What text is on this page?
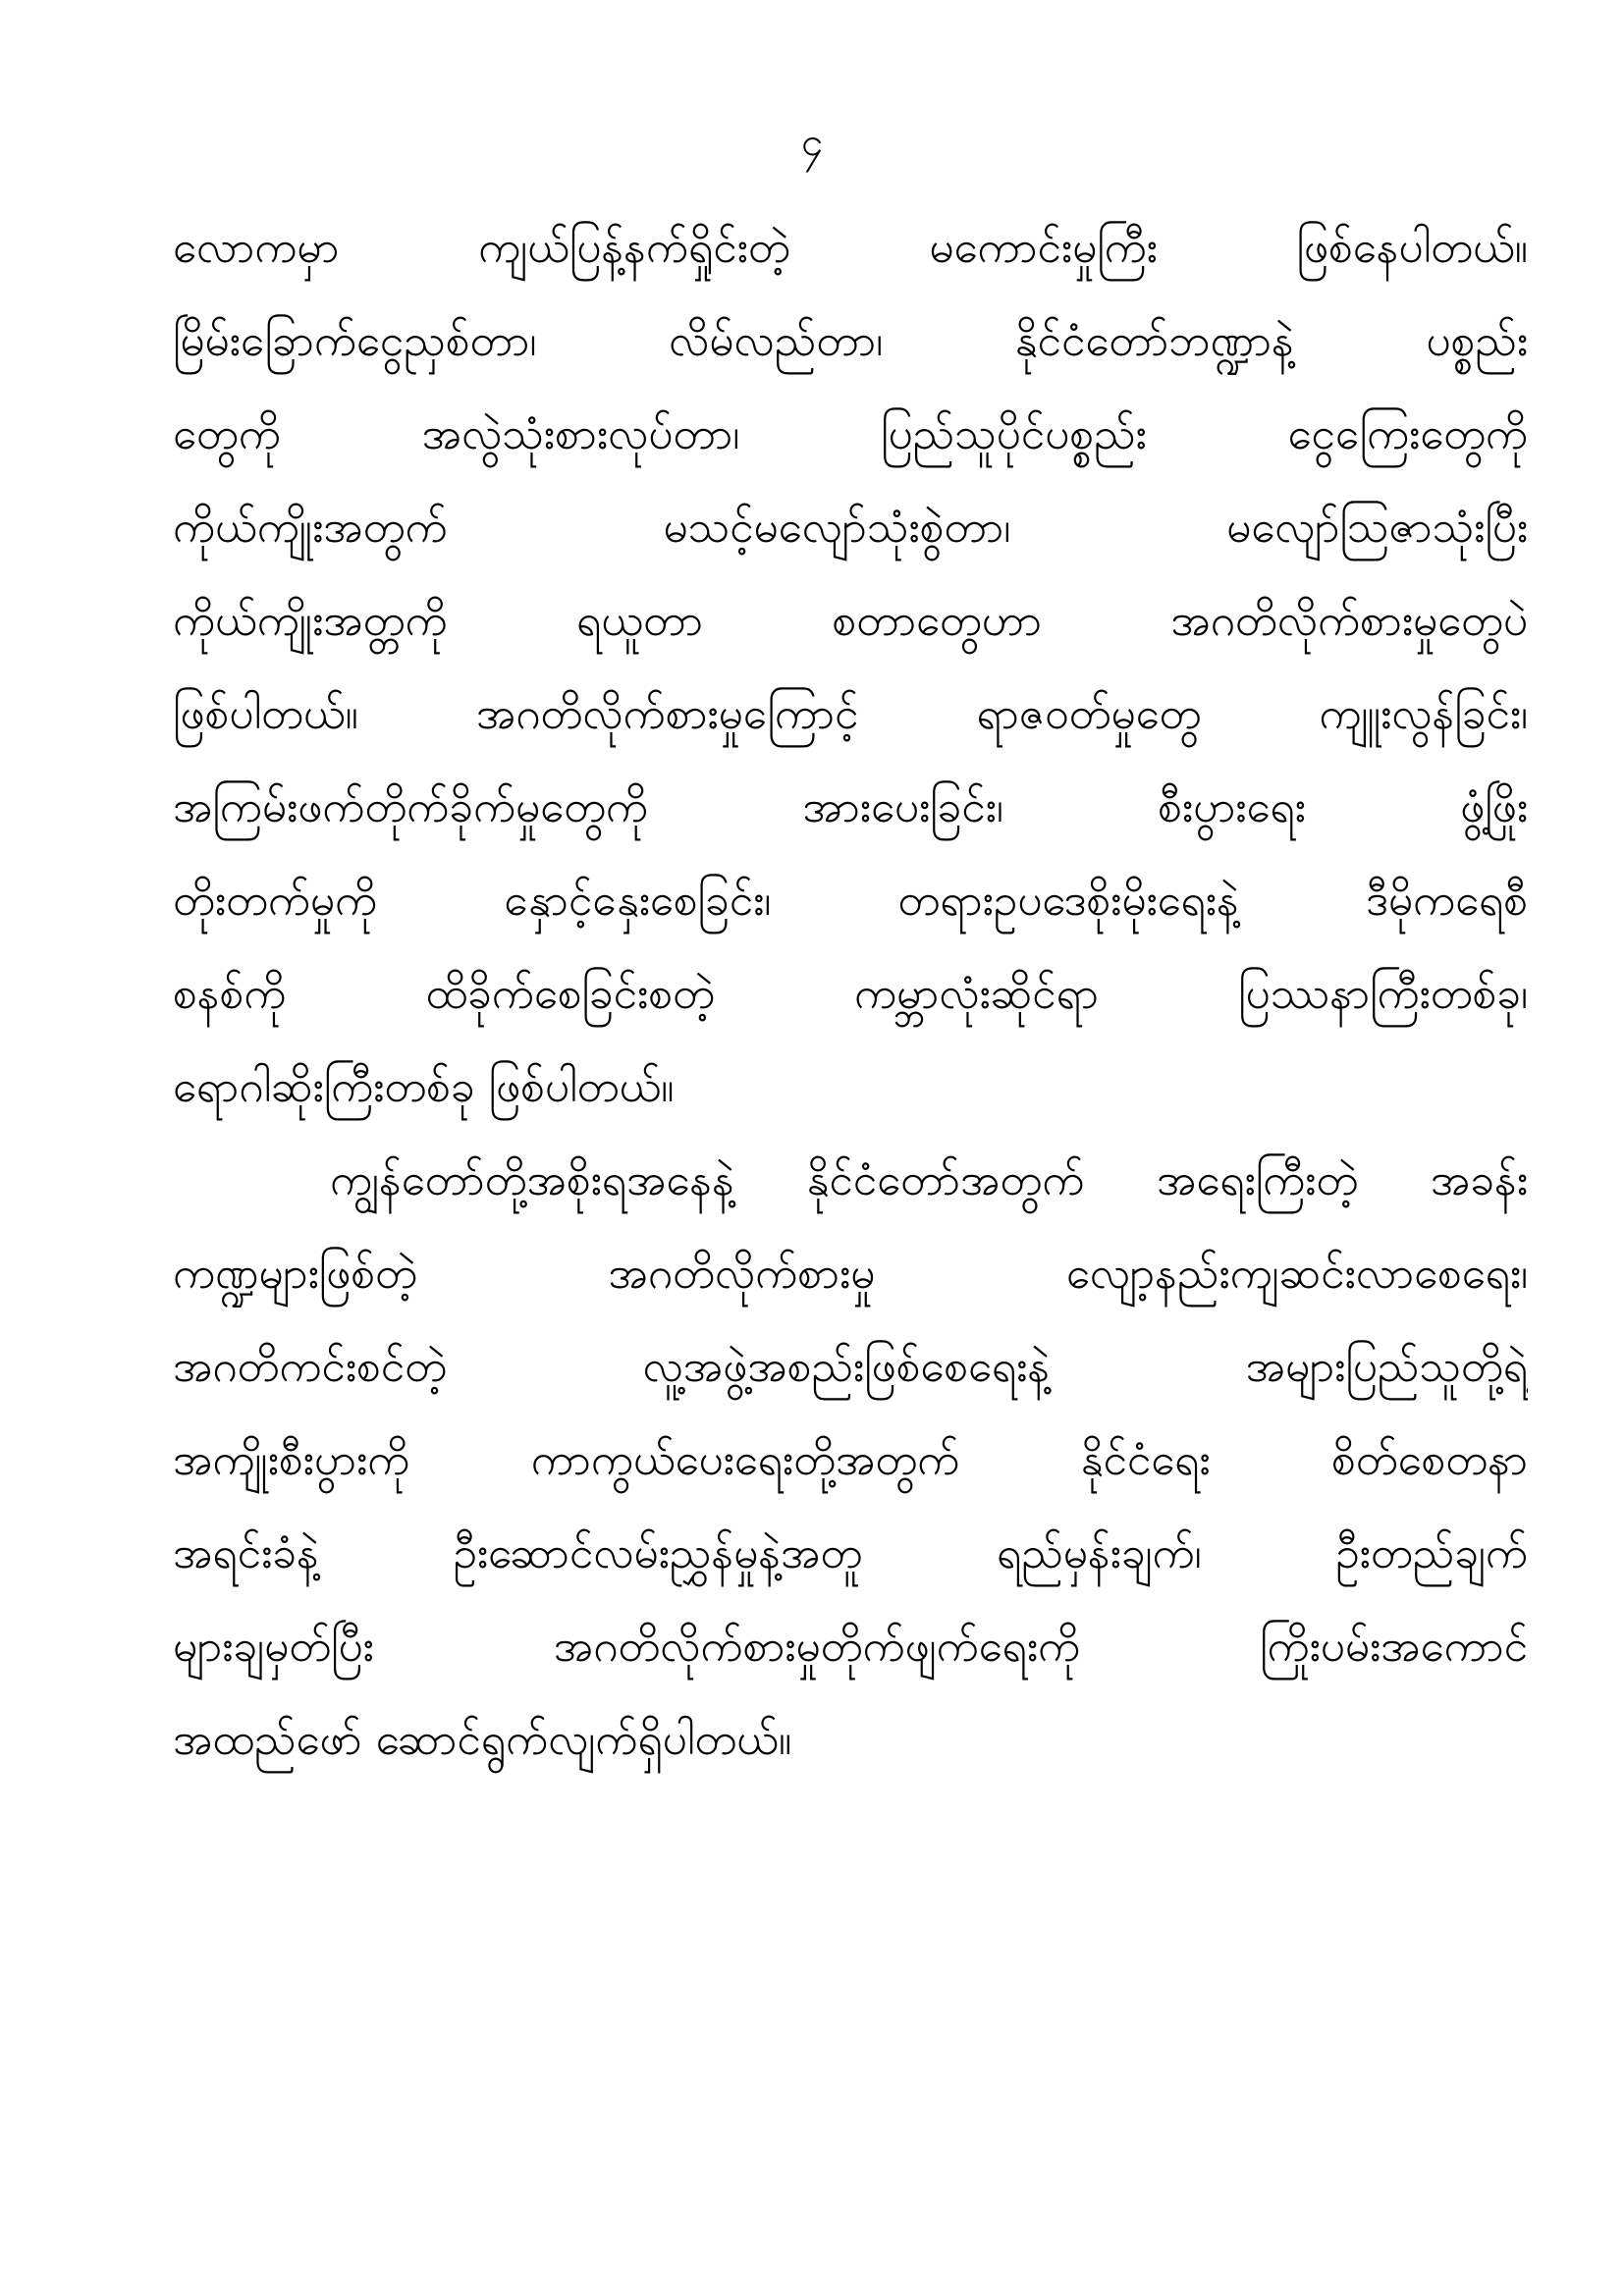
၄
လောကမှာ ကျယ်ပြန့်နက်ရှိုင်းတဲ့ မကောင်းမှုကြီး ဖြစ်နေပါတယ်။
မြိမ်းခြောက်ငွေညှစ်တာ၊ လိမ်လည်တာ၊ နိုင်ငံတော်ဘဏ္ဍာနဲ့ ပစ္စည်း
တွေကို အလွဲသုံးစားလုပ်တာ၊ ပြည်သူပိုင်ပစ္စည်း ငွေကြေးတွေကို
ကိုယ်ကျိုးအတွက် မသင့်မလျော်သုံးစွဲတာ၊ မလျော်ဩဇာသုံးပြီး
ကိုယ်ကျိုးအတ္တကို ရယူတာ စတာတွေဟာ အဂတိလိုက်စားမှုတွေပဲ
ဖြစ်ပါတယ်။ အဂတိလိုက်စားမှုကြောင့် ရာဇဝတ်မှုတွေ ကျူးလွန်ခြင်း၊
အကြမ်းဖက်တိုက်ခိုက်မှုတွေကို အားပေးခြင်း၊ စီးပွားရေး ဖွံ့ဖြိုး
တိုးတက်မှုကို နှောင့်နှေးစေခြင်း၊ တရားဥပဒေစိုးမိုးရေးနဲ့ ဒီမိုကရေစီ
စနစ်ကို ထိခိုက်စေခြင်းစတဲ့ ကမ္ဘာလုံးဆိုင်ရာ ပြဿနာကြီးတစ်ခု၊
ရောဂါဆိုးကြီးတစ်ခု ဖြစ်ပါတယ်။
ကျွန်တော်တို့အစိုးရအနေနဲ့ နိုင်ငံတော်အတွက် အရေးကြီးတဲ့ အခန်း
ကဏ္ဍများဖြစ်တဲ့ အဂတိလိုက်စားမှု လျော့နည်းကျဆင်းလာစေရေး၊
အဂတိကင်းစင်တဲ့ လူ့အဖွဲ့အစည်းဖြစ်စေရေးနဲ့ အများပြည်သူတို့ရဲ့
အကျိုးစီးပွားကို ကာကွယ်ပေးရေးတို့အတွက် နိုင်ငံရေး စိတ်စေတနာ
အရင်းခံနဲ့ ဦးဆောင်လမ်းညွှန်မှုနဲ့အတူ ရည်မှန်းချက်၊ ဦးတည်ချက်
များချမှတ်ပြီး အဂတိလိုက်စားမှုတိုက်ဖျက်ရေးကို ကြိုးပမ်းအကောင်
အထည်ဖော် ဆောင်ရွက်လျက်ရှိပါတယ်။
